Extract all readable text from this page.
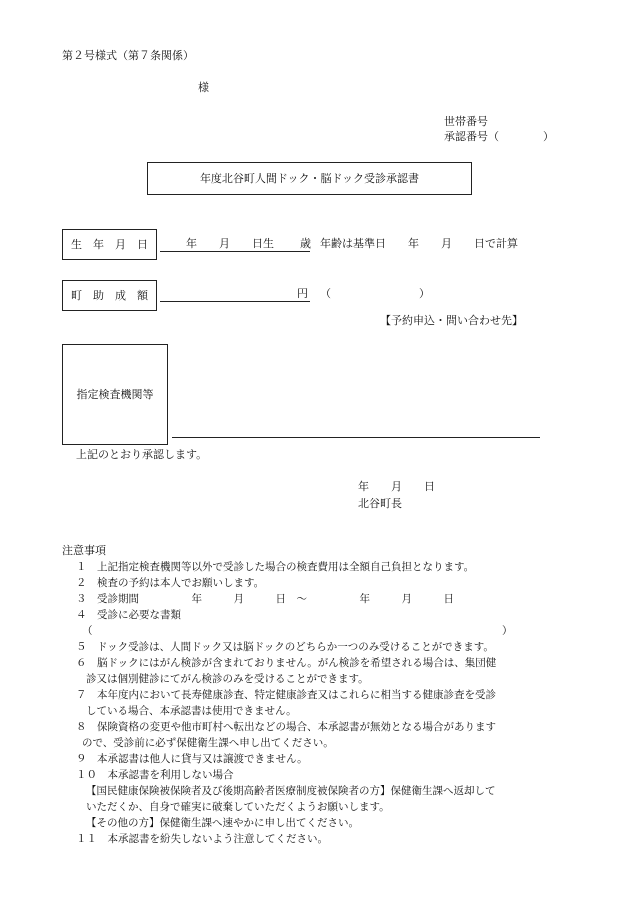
第２号様式（第７条関係）
様
世帯番号
承認番号（　　　　）
年度北谷町人間ドック・脳ドック受診承認書
生　年　月　日	年　　月　　日生 歳 年齢は基準日　　年　　月　　日で計算
町　助　成　額	円 （　　　　　　　　）
【予約申込・問い合わせ先】
指定検査機関等
上記のとおり承認します。
年　　月　　日
北谷町長
注意事項
１　上記指定検査機関等以外で受診した場合の検査費用は全額自己負担となります。
２　検査の予約は本人でお願いします。
３　受診期間　　　　　年　　　月　　　日　～　　　　　年　　　月　　　日
４　受診に必要な書類
（　　　　　　　　　　　　　　　　　　　　　　　　　　　　　　　　　　　　　　　）
５　ドック受診は、人間ドック又は脳ドックのどちらか一つのみ受けることができます。
６　脳ドックにはがん検診が含まれておりません。がん検診を希望される場合は、集団健
診又は個別健診にてがん検診のみを受けることができます。
７　本年度内において長寿健康診査、特定健康診査又はこれらに相当する健康診査を受診
している場合、本承認書は使用できません。
８　保険資格の変更や他市町村へ転出などの場合、本承認書が無効となる場合があります
ので、受診前に必ず保健衛生課へ申し出てください。
９　本承認書は他人に貸与又は譲渡できません。
１０　本承認書を利用しない場合
【国民健康保険被保険者及び後期高齢者医療制度被保険者の方】保健衛生課へ返却して
いただくか、自身で確実に破棄していただくようお願いします。
【その他の方】保健衛生課へ速やかに申し出てください。
１１　本承認書を紛失しないよう注意してください。
